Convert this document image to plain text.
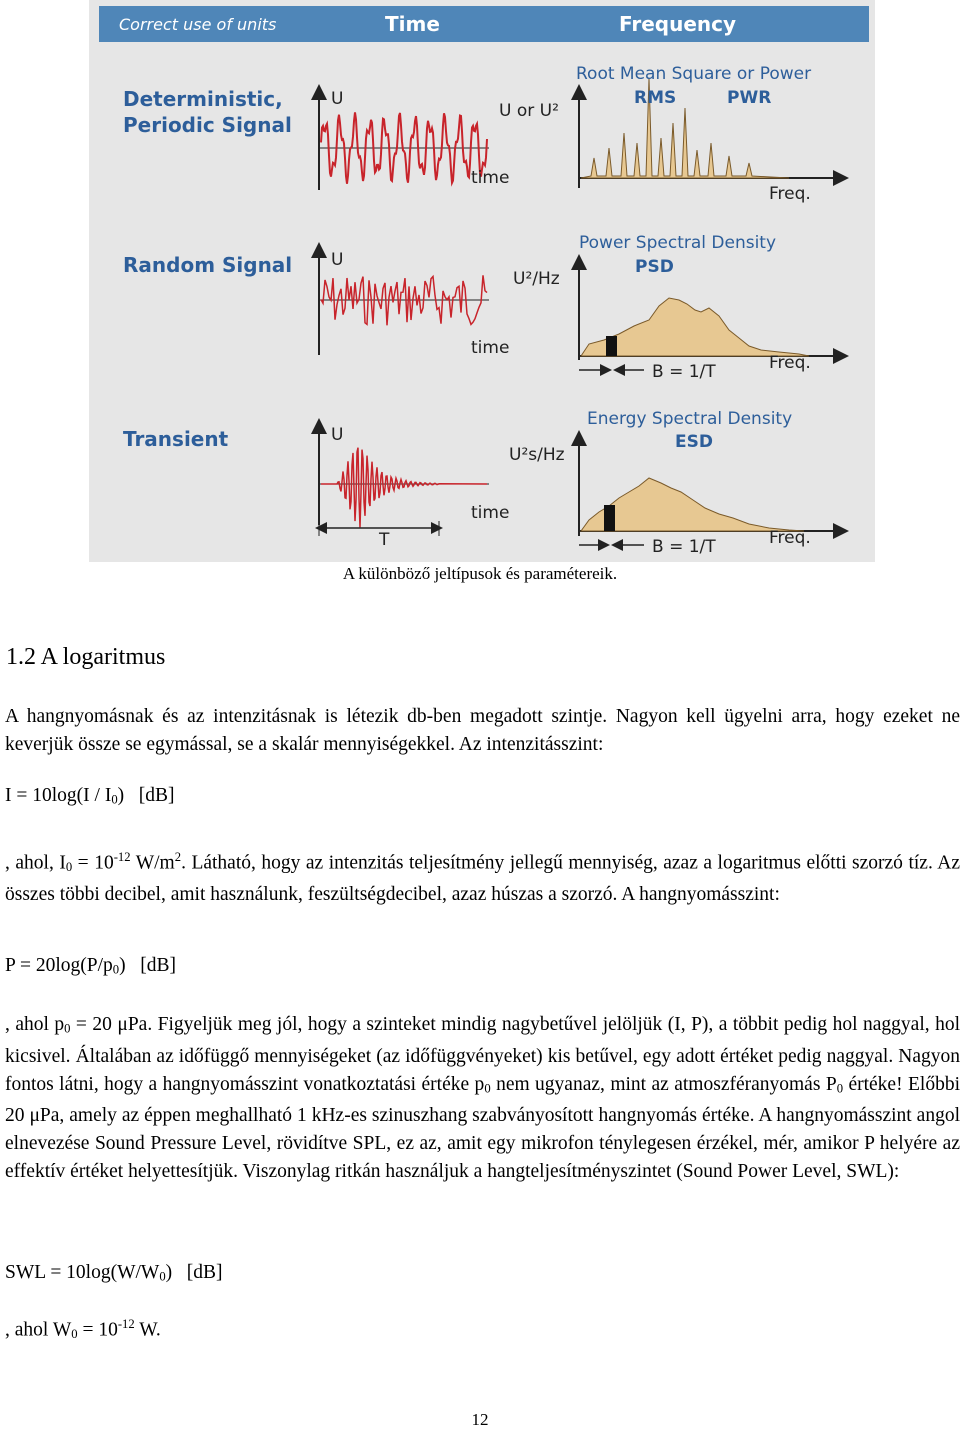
Correct use of units	Time	Frequency
Deterministic,
Periodic Signal
U
time
U or U²
Freq.
Root Mean Square or Power
RMS	PWR
Random Signal U
time
U²/Hz
Freq.
B = 1/T
Power Spectral Density
PSD
Transient	U
time
T
U²s/Hz
Freq.
B = 1/T
Energy Spectral Density
ESD
A különböző jeltípusok és paramétereik.
1.2 A logaritmus
A hangnyomásnak és az intenzitásnak is létezik db-ben megadott szintje. Nagyon kell ügyelni arra, hogy ezeket ne keverjük össze se egymással, se a skalár mennyiségekkel. Az intenzitásszint:
$I = 10\log(I / I_0)$ [dB]
, ahol, $I_0 = 10^{-12}$ $W/m^2$. Látható, hogy az intenzitás teljesítmény jellegű mennyiség, azaz a logaritmus előtti szorzó tíz. Az összes többi decibel, amit használunk, feszültségdecibel, azaz húszas a szorzó. A hangnyomásszint:
$P = 20\log(P/p_0)$ [dB]
, ahol $p_0 = 20$ μPa. Figyeljük meg jól, hogy a szinteket mindig nagybetűvel jelöljük (I, P), a többit pedig hol naggyal, hol kicsivel. Általában az időfüggő mennyiségeket (az időfüggvényeket) kis betűvel, egy adott értéket pedig naggyal. Nagyon fontos látni, hogy a hangnyomásszint vonatkoztatási értéke $p_0$ nem ugyanaz, mint az atmoszféranyomás $P_0$ értéke! Előbbi 20 μPa, amely az éppen meghallható 1 kHz-es szinuszhang szabványosított hangnyomás értéke. A hangnyomásszint angol elnevezése Sound Pressure Level, rövidítve SPL, ez az, amit egy mikrofon ténylegesen érzékel, mér, amikor P helyére az effektív értéket helyettesítjük. Viszonylag ritkán használjuk a hangteljesítményszintet (Sound Power Level, SWL):
SWL = $10\log(W/W_0)$ [dB]
, ahol $W_0 = 10^{-12}$ W.
12
